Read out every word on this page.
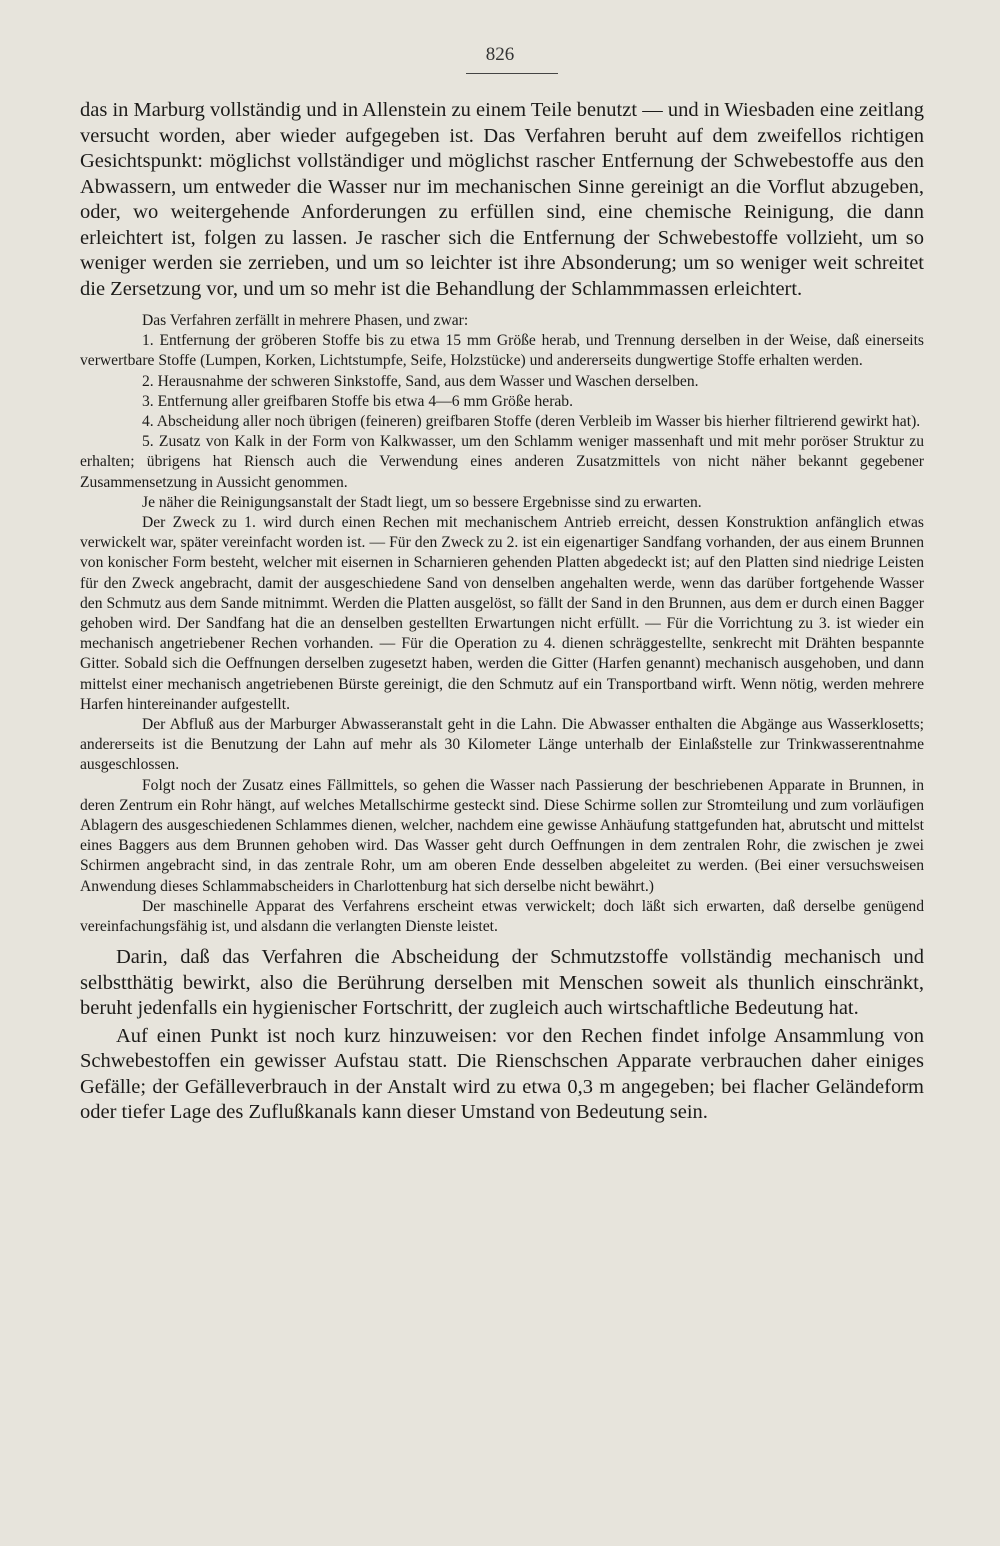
826

das in Marburg vollständig und in Allenstein zu einem Teile benutzt — und in Wiesbaden eine zeitlang versucht worden, aber wieder aufgegeben ist. Das Verfahren beruht auf dem zweifellos richtigen Gesichtspunkt: möglichst vollständiger und möglichst rascher Entfernung der Schwebestoffe aus den Abwassern, um entweder die Wasser nur im mechanischen Sinne gereinigt an die Vorflut abzugeben, oder, wo weitergehende Anforderungen zu erfüllen sind, eine chemische Reinigung, die dann erleichtert ist, folgen zu lassen. Je rascher sich die Entfernung der Schwebestoffe vollzieht, um so weniger werden sie zerrieben, und um so leichter ist ihre Absonderung; um so weniger weit schreitet die Zersetzung vor, und um so mehr ist die Behandlung der Schlammmassen erleichtert.

Das Verfahren zerfällt in mehrere Phasen, und zwar:

1. Entfernung der gröberen Stoffe bis zu etwa 15 mm Größe herab, und Trennung derselben in der Weise, daß einerseits verwertbare Stoffe (Lumpen, Korken, Lichtstumpfe, Seife, Holzstücke) und andererseits dungwertige Stoffe erhalten werden.

2. Herausnahme der schweren Sinkstoffe, Sand, aus dem Wasser und Waschen derselben.

3. Entfernung aller greifbaren Stoffe bis etwa 4—6 mm Größe herab.

4. Abscheidung aller noch übrigen (feineren) greifbaren Stoffe (deren Verbleib im Wasser bis hierher filtrierend gewirkt hat).

5. Zusatz von Kalk in der Form von Kalkwasser, um den Schlamm weniger massenhaft und mit mehr poröser Struktur zu erhalten; übrigens hat Riensch auch die Verwendung eines anderen Zusatzmittels von nicht näher bekannt gegebener Zusammensetzung in Aussicht genommen.

Je näher die Reinigungsanstalt der Stadt liegt, um so bessere Ergebnisse sind zu erwarten.

Der Zweck zu 1. wird durch einen Rechen mit mechanischem Antrieb erreicht, dessen Konstruktion anfänglich etwas verwickelt war, später vereinfacht worden ist. — Für den Zweck zu 2. ist ein eigenartiger Sandfang vorhanden, der aus einem Brunnen von konischer Form besteht, welcher mit eisernen in Scharnieren gehenden Platten abgedeckt ist; auf den Platten sind niedrige Leisten für den Zweck angebracht, damit der ausgeschiedene Sand von denselben angehalten werde, wenn das darüber fortgehende Wasser den Schmutz aus dem Sande mitnimmt. Werden die Platten ausgelöst, so fällt der Sand in den Brunnen, aus dem er durch einen Bagger gehoben wird. Der Sandfang hat die an denselben gestellten Erwartungen nicht erfüllt. — Für die Vorrichtung zu 3. ist wieder ein mechanisch angetriebener Rechen vorhanden. — Für die Operation zu 4. dienen schräggestellte, senkrecht mit Drähten bespannte Gitter. Sobald sich die Oeffnungen derselben zugesetzt haben, werden die Gitter (Harfen genannt) mechanisch ausgehoben, und dann mittelst einer mechanisch angetriebenen Bürste gereinigt, die den Schmutz auf ein Transportband wirft. Wenn nötig, werden mehrere Harfen hintereinander aufgestellt.

Der Abfluß aus der Marburger Abwasseranstalt geht in die Lahn. Die Abwasser enthalten die Abgänge aus Wasserklosetts; andererseits ist die Benutzung der Lahn auf mehr als 30 Kilometer Länge unterhalb der Einlaßstelle zur Trinkwasserentnahme ausgeschlossen.

Folgt noch der Zusatz eines Fällmittels, so gehen die Wasser nach Passierung der beschriebenen Apparate in Brunnen, in deren Zentrum ein Rohr hängt, auf welches Metallschirme gesteckt sind. Diese Schirme sollen zur Stromteilung und zum vorläufigen Ablagern des ausgeschiedenen Schlammes dienen, welcher, nachdem eine gewisse Anhäufung stattgefunden hat, abrutscht und mittelst eines Baggers aus dem Brunnen gehoben wird. Das Wasser geht durch Oeffnungen in dem zentralen Rohr, die zwischen je zwei Schirmen angebracht sind, in das zentrale Rohr, um am oberen Ende desselben abgeleitet zu werden. (Bei einer versuchsweisen Anwendung dieses Schlammabscheiders in Charlottenburg hat sich derselbe nicht bewährt.)

Der maschinelle Apparat des Verfahrens erscheint etwas verwickelt; doch läßt sich erwarten, daß derselbe genügend vereinfachungsfähig ist, und alsdann die verlangten Dienste leistet.

Darin, daß das Verfahren die Abscheidung der Schmutzstoffe vollständig mechanisch und selbstthätig bewirkt, also die Berührung derselben mit Menschen soweit als thunlich einschränkt, beruht jedenfalls ein hygienischer Fortschritt, der zugleich auch wirtschaftliche Bedeutung hat.

Auf einen Punkt ist noch kurz hinzuweisen: vor den Rechen findet infolge Ansammlung von Schwebestoffen ein gewisser Aufstau statt. Die Rienschschen Apparate verbrauchen daher einiges Gefälle; der Gefälleverbrauch in der Anstalt wird zu etwa 0,3 m angegeben; bei flacher Geländeform oder tiefer Lage des Zuflußkanals kann dieser Umstand von Bedeutung sein.
